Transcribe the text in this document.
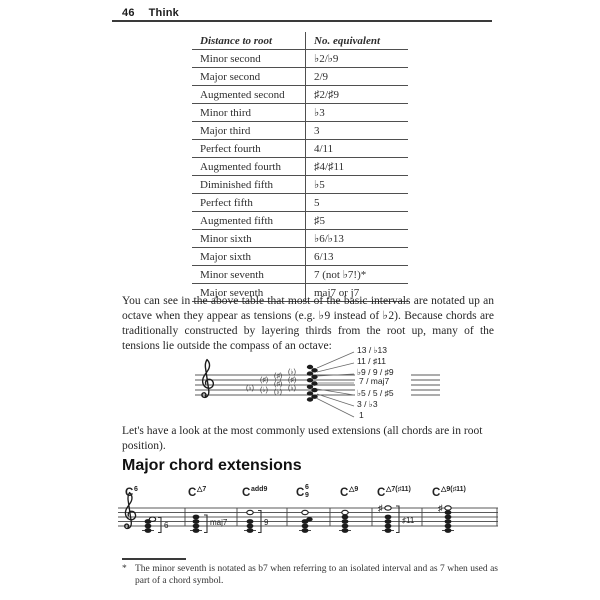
46 Think
Distance to root	No. equivalent
Minor second	♭2/♭9
Major second	2/9
Augmented second	♯2/♯9
Minor third	♭3
Major third	3
Perfect fourth	4/11
Augmented fourth	♯4/♯11
Diminished fifth	♭5
Perfect fifth	5
Augmented fifth	♯5
Minor sixth	♭6/♭13
Major sixth	6/13
Minor seventh	7 (not ♭7!)*
Major seventh	maj7 or j7
You can see in the above table that most of the basic intervals are notated up an octave when they appear as tensions (e.g. ♭9 instead of ♭2). Because chords are traditionally constructed by layering thirds from the root up, many of the tensions lie outside the compass of an octave:
(♭)
(♯)
(♭)
(♯)
(♯)
(♭)
(♭)
(♯)
(♭)
13 / ♭13
11 / ♯11
♭9 / 9 / ♯9
7 / maj7
♭5 / 5 / ♯5
3 / ♭3
1
Let's have a look at the most commonly used extensions (all chords are in root position).
Major chord extensions
C 6	C △7	C add9 C 6
9	C △9 C △7(♯11) C △9(♯11)
6	maj7	9
♯
♯11
♯
* The minor seventh is notated as b7 when referring to an isolated interval and as 7 when used as part of a chord symbol.
